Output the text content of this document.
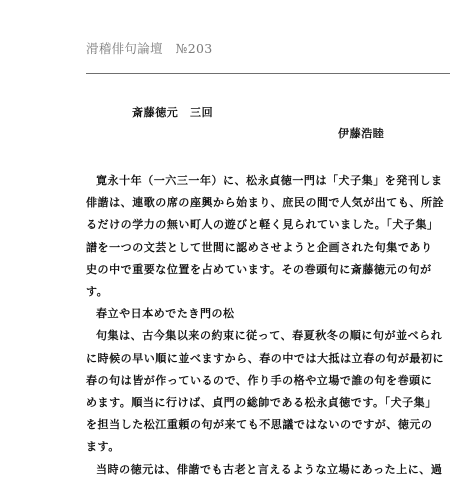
滑稽俳句論壇　№203
斎藤徳元　三回
伊藤浩睦
寛永十年（一六三一年）に、松永貞徳一門は「犬子集」を発刊しま
俳諧は、連歌の席の座興から始まり、庶民の間で人気が出ても、所詮
るだけの学力の無い町人の遊びと軽く見られていました。「犬子集」
譜を一つの文芸として世間に認めさせようと企画された句集であり
史の中で重要な位置を占めています。その巻頭句に斎藤徳元の句が
す。
春立や日本めでたき門の松
句集は、古今集以来の約束に従って、春夏秋冬の順に句が並べられ
に時候の早い順に並べますから、春の中では大抵は立春の句が最初に
春の句は皆が作っているので、作り手の格や立場で誰の句を巻頭に
めます。順当に行けば、貞門の総帥である松永貞徳です。「犬子集」
を担当した松江重頼の句が来ても不思議ではないのですが、徳元の
ます。
当時の徳元は、俳諧でも古老と言えるような立場にあった上に、過
